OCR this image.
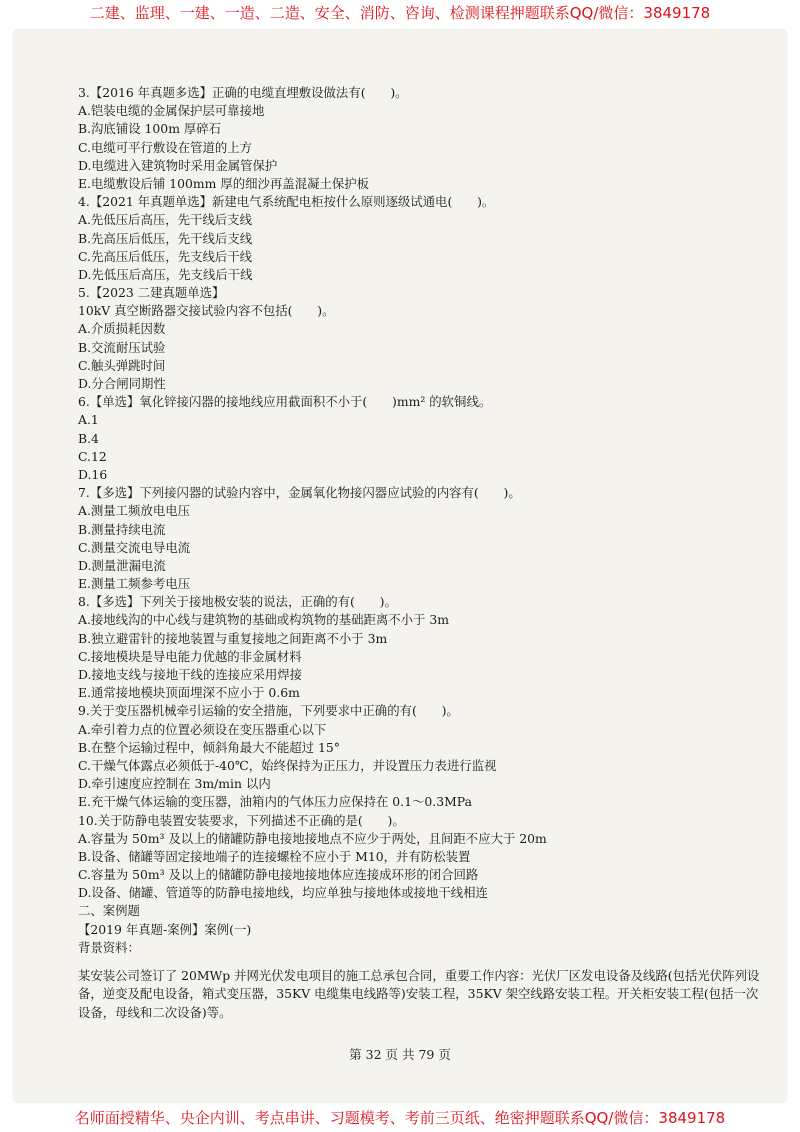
二建、监理、一建、一造、二造、安全、消防、咨询、检测课程押题联系QQ/微信：3849178
3.【2016 年真题多选】正确的电缆直埋敷设做法有(　　)。
A.铠装电缆的金属保护层可靠接地
B.沟底铺设 100m 厚碎石
C.电缆可平行敷设在管道的上方
D.电缆进入建筑物时采用金属管保护
E.电缆敷设后铺 100mm 厚的细沙再盖混凝土保护板
4.【2021 年真题单选】新建电气系统配电柜按什么原则逐级试通电(　　)。
A.先低压后高压，先干线后支线
B.先高压后低压，先干线后支线
C.先高压后低压，先支线后干线
D.先低压后高压，先支线后干线
5.【2023 二建真题单选】
10kV 真空断路器交接试验内容不包括(　　)。
A.介质损耗因数
B.交流耐压试验
C.触头弹跳时间
D.分合闸同期性
6.【单选】氧化锌接闪器的接地线应用截面积不小于(　　)mm² 的软铜线。
A.1
B.4
C.12
D.16
7.【多选】下列接闪器的试验内容中，金属氧化物接闪器应试验的内容有(　　)。
A.测量工频放电电压
B.测量持续电流
C.测量交流电导电流
D.测量泄漏电流
E.测量工频参考电压
8.【多选】下列关于接地极安装的说法，正确的有(　　)。
A.接地线沟的中心线与建筑物的基础或构筑物的基础距离不小于 3m
B.独立避雷针的接地装置与重复接地之间距离不小于 3m
C.接地模块是导电能力优越的非金属材料
D.接地支线与接地干线的连接应采用焊接
E.通常接地模块顶面埋深不应小于 0.6m
9.关于变压器机械牵引运输的安全措施，下列要求中正确的有(　　)。
A.牵引着力点的位置必须设在变压器重心以下
B.在整个运输过程中，倾斜角最大不能超过 15°
C.干燥气体露点必须低于-40℃，始终保持为正压力，并设置压力表进行监视
D.牵引速度应控制在 3m/min 以内
E.充干燥气体运输的变压器，油箱内的气体压力应保持在 0.1～0.3MPa
10.关于防静电装置安装要求，下列描述不正确的是(　　)。
A.容量为 50m³ 及以上的储罐防静电接地接地点不应少于两处，且间距不应大于 20m
B.设备、储罐等固定接地端子的连接螺栓不应小于 M10，并有防松装置
C.容量为 50m³ 及以上的储罐防静电接地接地体应连接成环形的闭合回路
D.设备、储罐、管道等的防静电接地线，均应单独与接地体或接地干线相连
二、案例题
【2019 年真题-案例】案例(一)
背景资料：
某安装公司签订了 20MWp 并网光伏发电项目的施工总承包合同，重要工作内容：光伏厂区发电设备及线路(包括光伏阵列设备，逆变及配电设备，箱式变压器，35KV 电缆集电线路等)安装工程，35KV 架空线路安装工程。开关柜安装工程(包括一次设备，母线和二次设备)等。
第 32 页 共 79 页
名师面授精华、央企内训、考点串讲、习题模考、考前三页纸、绝密押题联系QQ/微信：3849178
